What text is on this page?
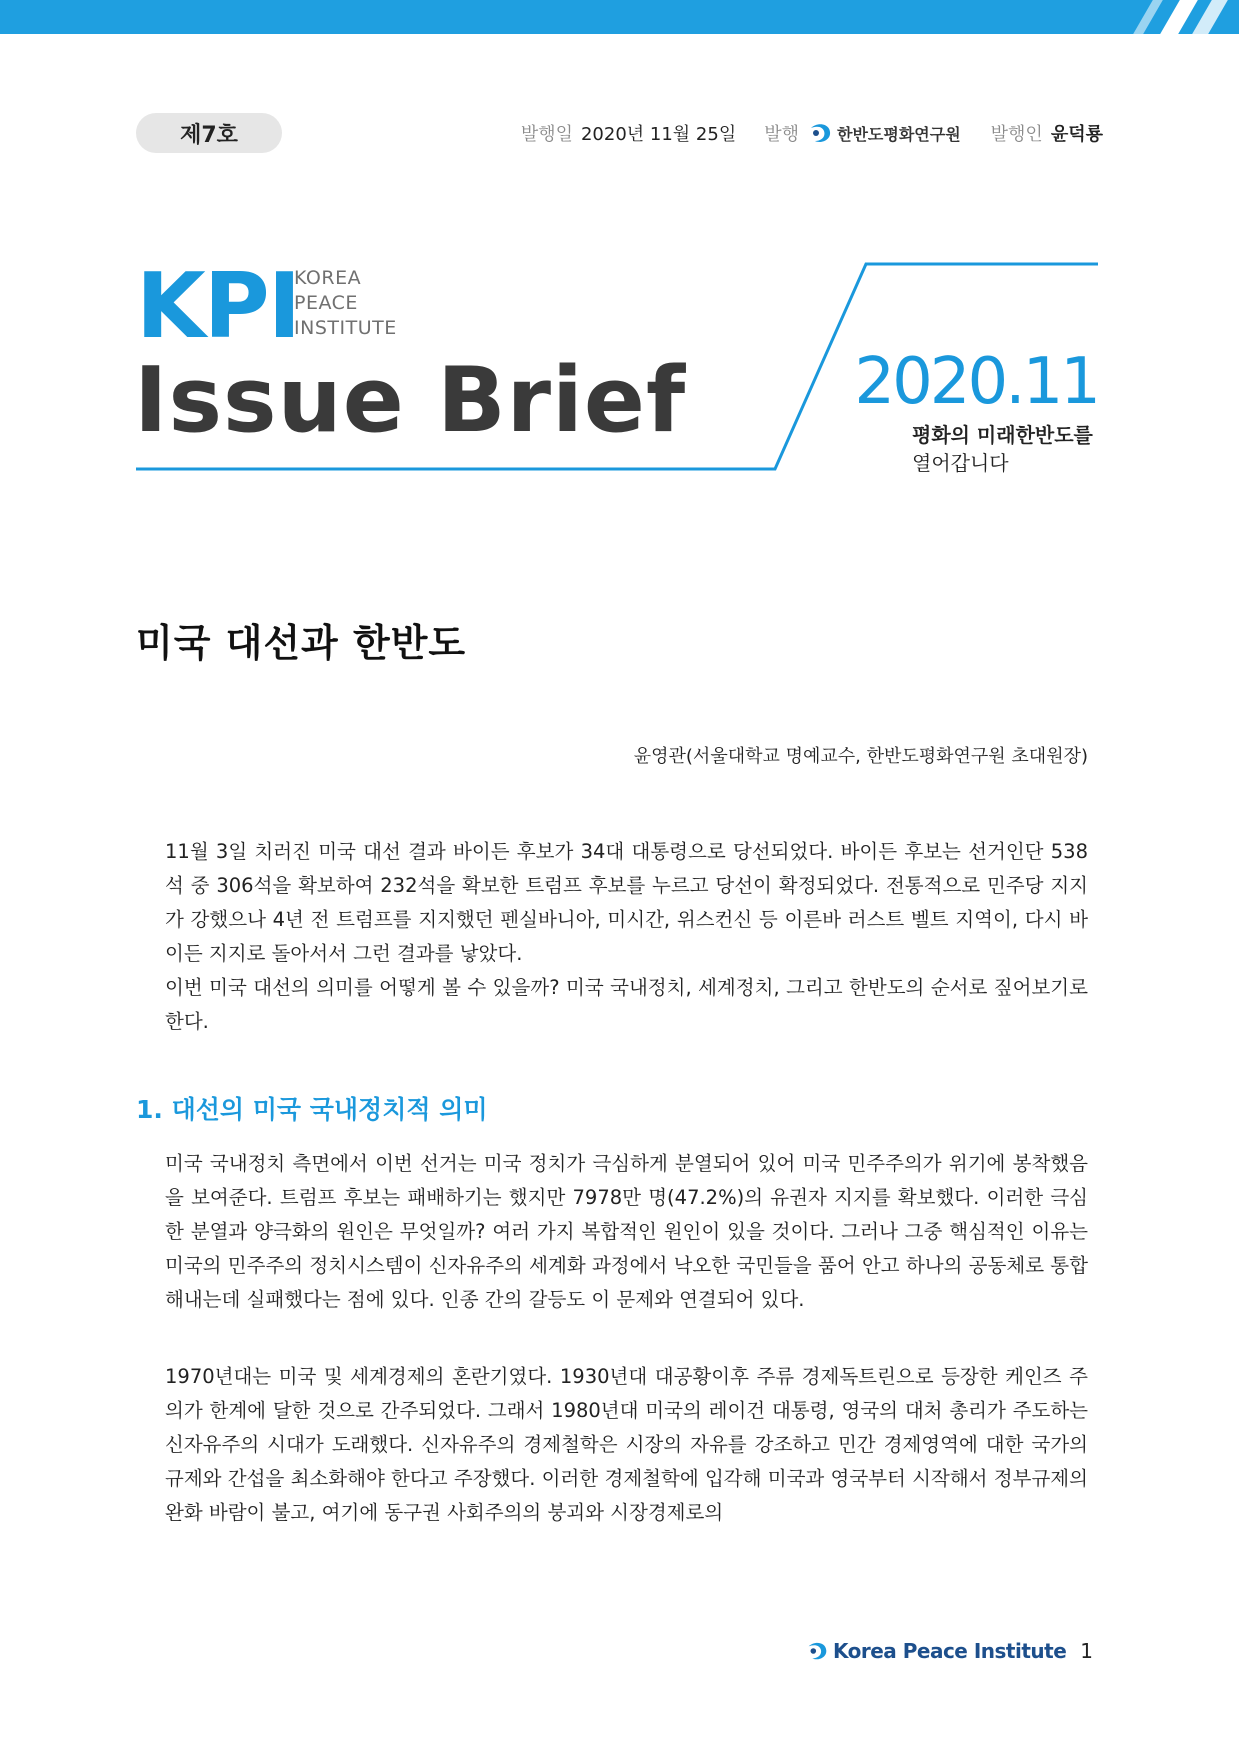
제7호	발행일 2020년 11월 25일 발행 한반도평화연구원 발행인 윤덕룡
KPI
KOREA
PEACE
INSTITUTE
Issue Brief	2020.11
평화의 미래한반도를
열어갑니다
미국 대선과 한반도
윤영관(서울대학교 명예교수, 한반도평화연구원 초대원장)

11월 3일 치러진 미국 대선 결과 바이든 후보가 34대 대통령으로 당선되었다. 바이든 후보는 선거인단 538석 중 306석을 확보하여 232석을 확보한 트럼프 후보를 누르고 당선이 확정되었다. 전통적으로 민주당 지지가 강했으나 4년 전 트럼프를 지지했던 펜실바니아, 미시간, 위스컨신 등 이른바 러스트 벨트 지역이, 다시 바이든 지지로 돌아서서 그런 결과를 낳았다.

이번 미국 대선의 의미를 어떻게 볼 수 있을까? 미국 국내정치, 세계정치, 그리고 한반도의 순서로 짚어보기로 한다.

1. 대선의 미국 국내정치적 의미

미국 국내정치 측면에서 이번 선거는 미국 정치가 극심하게 분열되어 있어 미국 민주주의가 위기에 봉착했음을 보여준다. 트럼프 후보는 패배하기는 했지만 7978만 명(47.2%)의 유권자 지지를 확보했다. 이러한 극심한 분열과 양극화의 원인은 무엇일까? 여러 가지 복합적인 원인이 있을 것이다. 그러나 그중 핵심적인 이유는 미국의 민주주의 정치시스템이 신자유주의 세계화 과정에서 낙오한 국민들을 품어 안고 하나의 공동체로 통합해내는데 실패했다는 점에 있다. 인종 간의 갈등도 이 문제와 연결되어 있다.

1970년대는 미국 및 세계경제의 혼란기였다. 1930년대 대공황이후 주류 경제독트린으로 등장한 케인즈 주의가 한계에 달한 것으로 간주되었다. 그래서 1980년대 미국의 레이건 대통령, 영국의 대처 총리가 주도하는 신자유주의 시대가 도래했다. 신자유주의 경제철학은 시장의 자유를 강조하고 민간 경제영역에 대한 국가의 규제와 간섭을 최소화해야 한다고 주장했다. 이러한 경제철학에 입각해 미국과 영국부터 시작해서 정부규제의 완화 바람이 불고, 여기에 동구권 사회주의의 붕괴와 시장경제로의

Korea Peace Institute 1
